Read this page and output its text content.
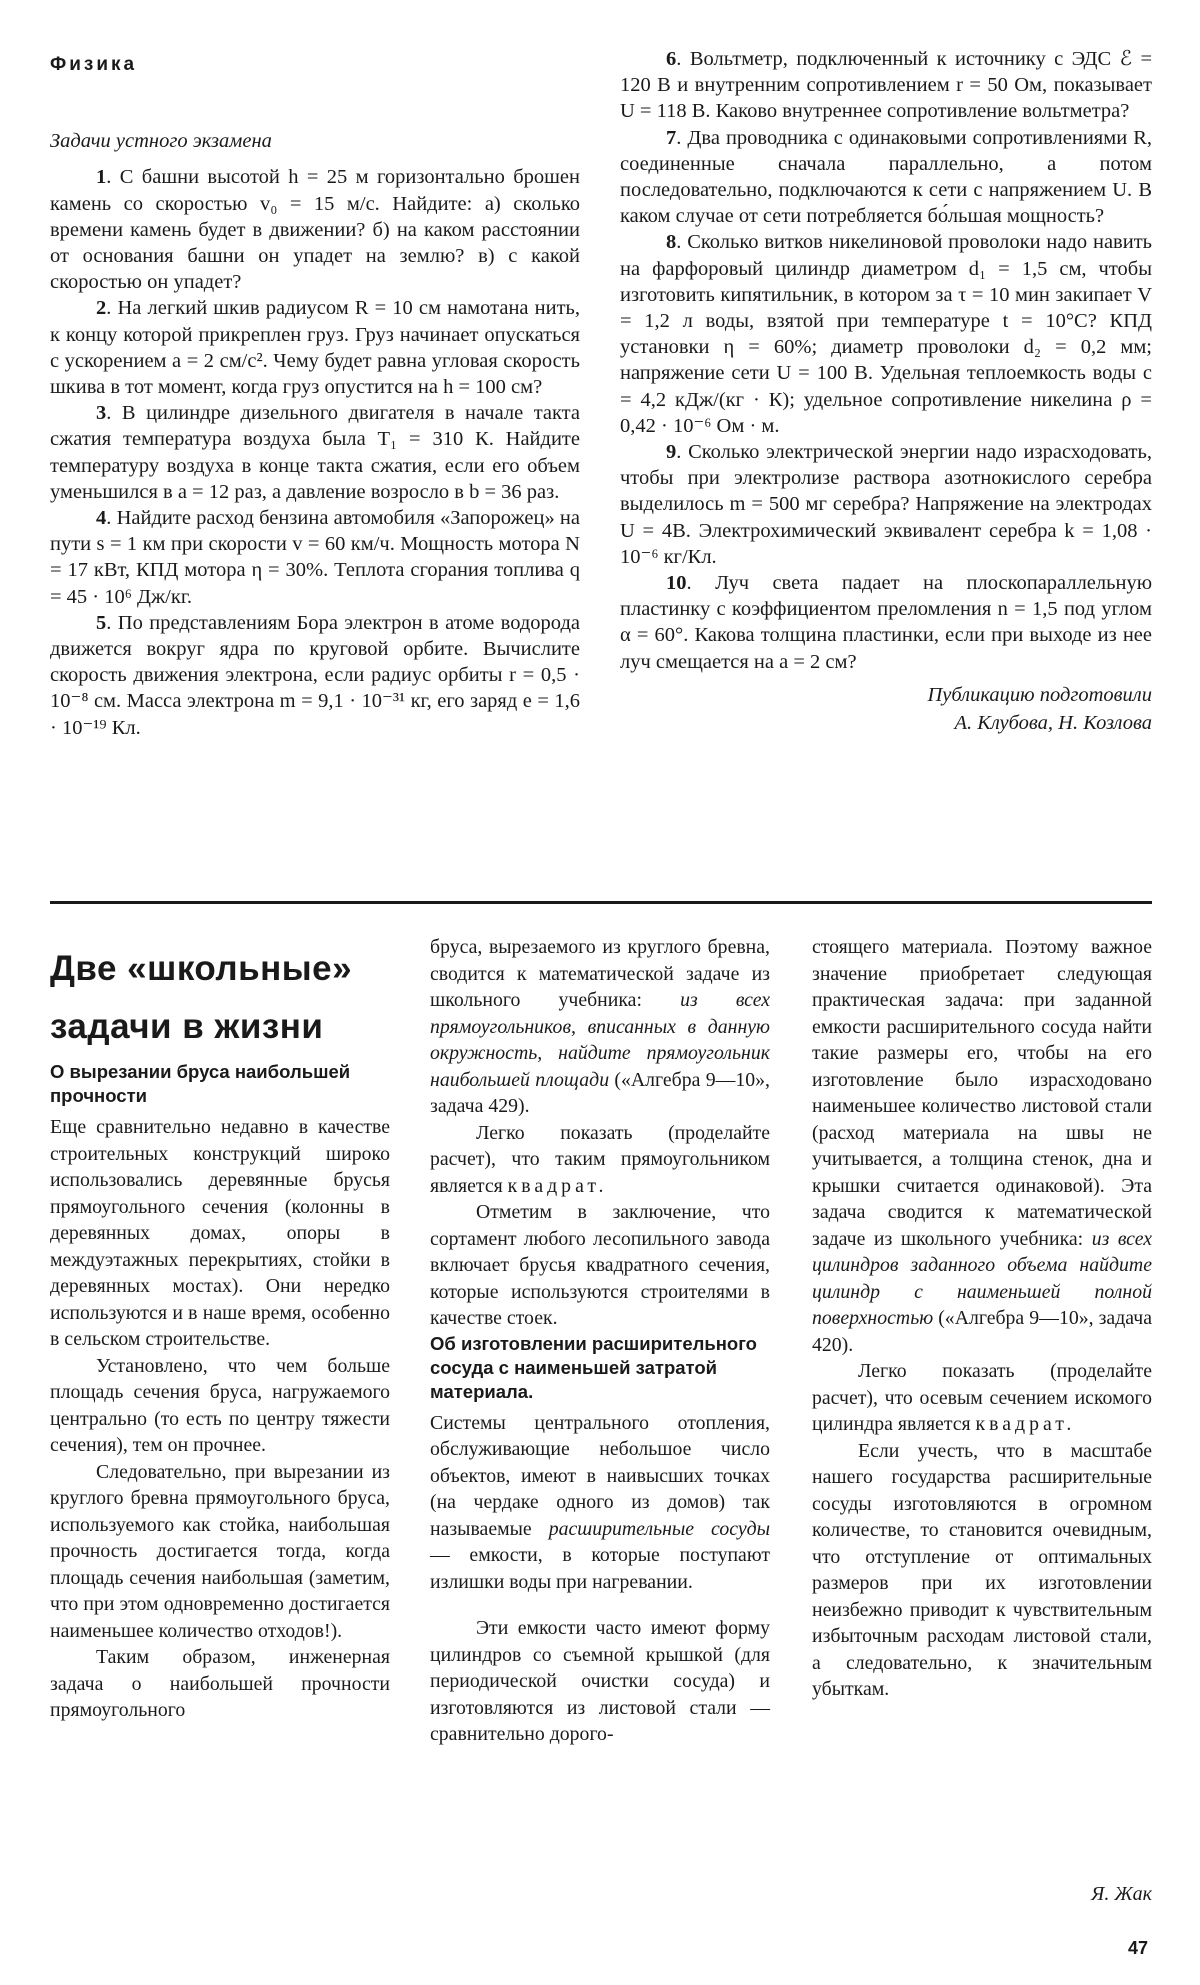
Физика
Задачи устного экзамена

1. С башни высотой h = 25 м горизонтально брошен камень со скоростью v₀ = 15 м/с. Найдите: а) сколько времени камень будет в движении? б) на каком расстоянии от основания башни он упадет на землю? в) с какой скоростью он упадет?

2. На легкий шкив радиусом R = 10 см намотана нить, к концу которой прикреплен груз. Груз начинает опускаться с ускорением a = 2 см/с². Чему будет равна угловая скорость шкива в тот момент, когда груз опустится на h = 100 см?

3. В цилиндре дизельного двигателя в начале такта сжатия температура воздуха была T₁ = 310 К. Найдите температуру воздуха в конце такта сжатия, если его объем уменьшился в a = 12 раз, а давление возросло в b = 36 раз.

4. Найдите расход бензина автомобиля «Запорожец» на пути s = 1 км при скорости v = 60 км/ч. Мощность мотора N = 17 кВт, КПД мотора η = 30%. Теплота сгорания топлива q = 45 · 10⁶ Дж/кг.

5. По представлениям Бора электрон в атоме водорода движется вокруг ядра по круговой орбите. Вычислите скорость движения электрона, если радиус орбиты r = 0,5 · 10⁻⁸ см. Масса электрона m = 9,1 · 10⁻³¹ кг, его заряд e = 1,6 · 10⁻¹⁹ Кл.

6. Вольтметр, подключенный к источнику с ЭДС ℰ = 120 В и внутренним сопротивлением r = 50 Ом, показывает U = 118 В. Каково внутреннее сопротивление вольтметра?

7. Два проводника с одинаковыми сопротивлениями R, соединенные сначала параллельно, а потом последовательно, подключаются к сети с напряжением U. В каком случае от сети потребляется бо́льшая мощность?

8. Сколько витков никелиновой проволоки надо навить на фарфоровый цилиндр диаметром d₁ = 1,5 см, чтобы изготовить кипятильник, в котором за τ = 10 мин закипает V = 1,2 л воды, взятой при температуре t = 10°С? КПД установки η = 60%; диаметр проволоки d₂ = 0,2 мм; напряжение сети U = 100 В. Удельная теплоемкость воды c = 4,2 кДж/(кг · К); удельное сопротивление никелина ρ = 0,42 · 10⁻⁶ Ом · м.

9. Сколько электрической энергии надо израсходовать, чтобы при электролизе раствора азотнокислого серебра выделилось m = 500 мг серебра? Напряжение на электродах U = 4В. Электрохимический эквивалент серебра k = 1,08 · 10⁻⁶ кг/Кл.

10. Луч света падает на плоскопараллельную пластинку с коэффициентом преломления n = 1,5 под углом α = 60°. Какова толщина пластинки, если при выходе из нее луч смещается на a = 2 см?

Публикацию подготовили
А. Клубова, Н. Козлова
Две «школьные»
задачи в жизни
О вырезании бруса наибольшей прочности

Еще сравнительно недавно в качестве строительных конструкций широко использовались деревянные брусья прямоугольного сечения (колонны в деревянных домах, опоры в междуэтажных перекрытиях, стойки в деревянных мостах). Они нередко используются и в наше время, особенно в сельском строительстве.

Установлено, что чем больше площадь сечения бруса, нагружаемого центрально (то есть по центру тяжести сечения), тем он прочнее.

Следовательно, при вырезании из круглого бревна прямоугольного бруса, используемого как стойка, наибольшая прочность достигается тогда, когда площадь сечения наибольшая (заметим, что при этом одновременно достигается наименьшее количество отходов!).

Таким образом, инженерная задача о наибольшей прочности прямоугольного

бруса, вырезаемого из круглого бревна, сводится к математической задаче из школьного учебника: из всех прямоугольников, вписанных в данную окружность, найдите прямоугольник наибольшей площади («Алгебра 9—10», задача 429).

Легко показать (проделайте расчет), что таким прямоугольником является квадрат.

Отметим в заключение, что сортамент любого лесопильного завода включает брусья квадратного сечения, которые используются строителями в качестве стоек.

Об изготовлении расширительного сосуда с наименьшей затратой материала.

Системы центрального отопления, обслуживающие небольшое число объектов, имеют в наивысших точках (на чердаке одного из домов) так называемые расширительные сосуды — емкости, в которые поступают излишки воды при нагревании.

Эти емкости часто имеют форму цилиндров со съемной крышкой (для периодической очистки сосуда) и изготовляются из листовой стали — сравнительно дорого-

стоящего материала. Поэтому важное значение приобретает следующая практическая задача: при заданной емкости расширительного сосуда найти такие размеры его, чтобы на его изготовление было израсходовано наименьшее количество листовой стали (расход материала на швы не учитывается, а толщина стенок, дна и крышки считается одинаковой). Эта задача сводится к математической задаче из школьного учебника: из всех цилиндров заданного объема найдите цилиндр с наименьшей полной поверхностью («Алгебра 9—10», задача 420).

Легко показать (проделайте расчет), что осевым сечением искомого цилиндра является квадрат.

Если учесть, что в масштабе нашего государства расширительные сосуды изготовляются в огромном количестве, то становится очевидным, что отступление от оптимальных размеров при их изготовлении неизбежно приводит к чувствительным избыточным расходам листовой стали, а следовательно, к значительным убыткам.

Я. Жак
47
